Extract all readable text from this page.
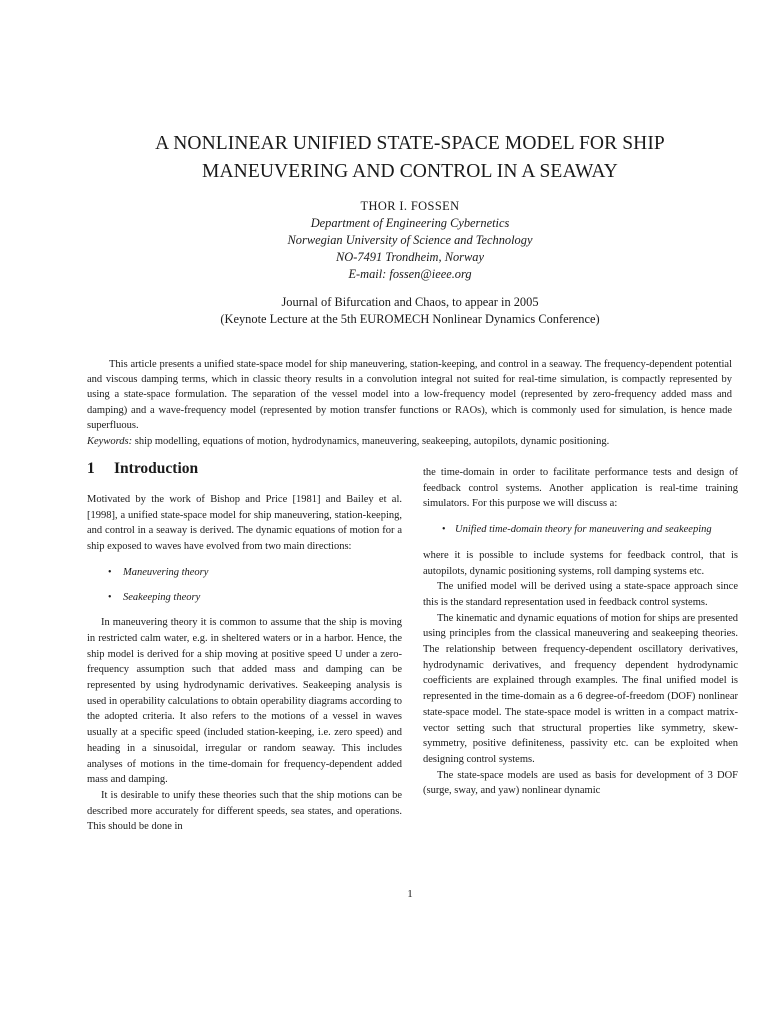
A NONLINEAR UNIFIED STATE-SPACE MODEL FOR SHIP
MANEUVERING AND CONTROL IN A SEAWAY
THOR I. FOSSEN
Department of Engineering Cybernetics
Norwegian University of Science and Technology
NO-7491 Trondheim, Norway
E-mail: fossen@ieee.org
Journal of Bifurcation and Chaos, to appear in 2005
(Keynote Lecture at the 5th EUROMECH Nonlinear Dynamics Conference)

This article presents a unified state-space model for ship maneuvering, station-keeping, and control in a seaway. The frequency-dependent potential and viscous damping terms, which in classic theory results in a convolution integral not suited for real-time simulation, is compactly represented by using a state-space formulation. The separation of the vessel model into a low-frequency model (represented by zero-frequency added mass and damping) and a wave-frequency model (represented by motion transfer functions or RAOs), which is commonly used for simulation, is hence made superfluous.

Keywords: ship modelling, equations of motion, hydrodynamics, maneuvering, seakeeping, autopilots, dynamic positioning.
1 Introduction

Motivated by the work of Bishop and Price [1981] and Bailey et al. [1998], a unified state-space model for ship maneuvering, station-keeping, and control in a seaway is derived. The dynamic equations of motion for a ship exposed to waves have evolved from two main directions:

• Maneuvering theory
• Seakeeping theory

In maneuvering theory it is common to assume that the ship is moving in restricted calm water, e.g. in sheltered waters or in a harbor. Hence, the ship model is derived for a ship moving at positive speed U under a zero-frequency assumption such that added mass and damping can be represented by using hydrodynamic derivatives. Seakeeping analysis is used in operability calculations to obtain operability diagrams according to the adopted criteria. It also refers to the motions of a vessel in waves usually at a specific speed (included station-keeping, i.e. zero speed) and heading in a sinusoidal, irregular or random seaway. This includes analyses of motions in the time-domain for frequency-dependent added mass and damping.

It is desirable to unify these theories such that the ship motions can be described more accurately for different speeds, sea states, and operations. This should be done in

the time-domain in order to facilitate performance tests and design of feedback control systems. Another application is real-time training simulators. For this purpose we will discuss a:

• Unified time-domain theory for maneuvering and seakeeping

where it is possible to include systems for feedback control, that is autopilots, dynamic positioning systems, roll damping systems etc.

The unified model will be derived using a state-space approach since this is the standard representation used in feedback control systems.

The kinematic and dynamic equations of motion for ships are presented using principles from the classical maneuvering and seakeeping theories. The relationship between frequency-dependent oscillatory derivatives, hydrodynamic derivatives, and frequency dependent hydrodynamic coefficients are explained through examples. The final unified model is represented in the time-domain as a 6 degree-of-freedom (DOF) nonlinear state-space model. The state-space model is written in a compact matrix-vector setting such that structural properties like symmetry, skew-symmetry, positive definiteness, passivity etc. can be exploited when designing control systems.

The state-space models are used as basis for development of 3 DOF (surge, sway, and yaw) nonlinear dynamic

1
